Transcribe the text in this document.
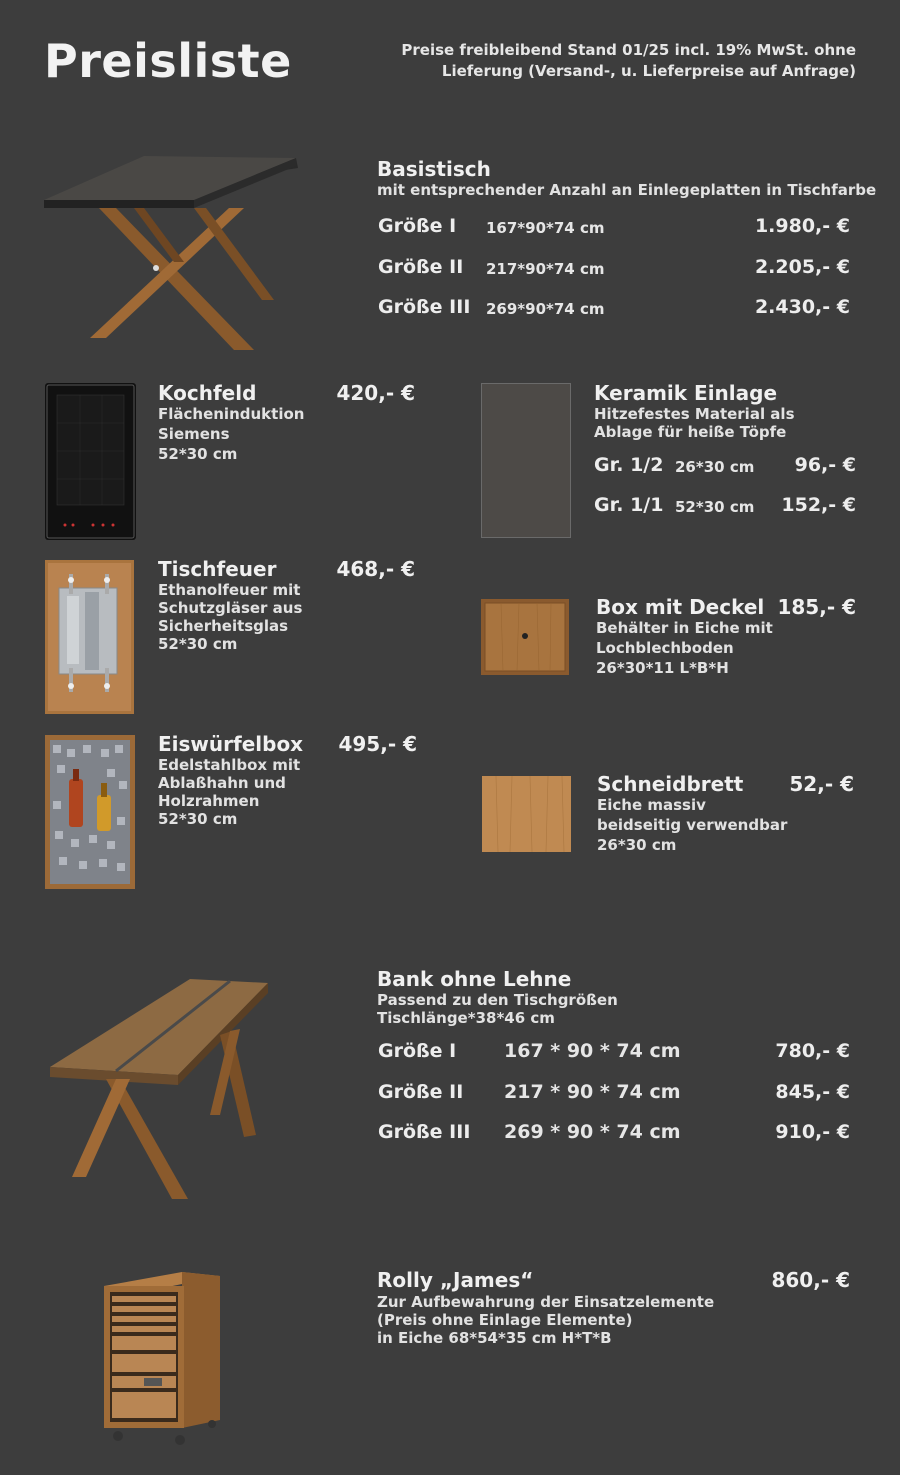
Preisliste	Preise freibleibend Stand 01/25 incl. 19% MwSt. ohne
Lieferung (Versand-, u. Lieferpreise auf Anfrage)
Basistisch
mit entsprechender Anzahl an Einlegeplatten in Tischfarbe
Größe I 167*90*74 cm	1.980,- €
Größe II 217*90*74 cm	2.205,- €
Größe III 269*90*74 cm	2.430,- €
Kochfeld	420,- €
Flächeninduktion
Siemens
52*30 cm
Keramik Einlage
Hitzefestes Material als
Ablage für heiße Töpfe
Gr. 1/2 26*30 cm 96,- €
Gr. 1/1 52*30 cm 152,- €
Tischfeuer	468,- €
Ethanolfeuer mit
Schutzgläser aus
Sicherheitsglas
52*30 cm
Box mit Deckel 185,- €
Behälter in Eiche mit
Lochblechboden
26*30*11 L*B*H
Eiswürfelbox	495,- €
Edelstahlbox mit
Ablaßhahn und
Holzrahmen
52*30 cm
Schneidbrett	52,- €
Eiche massiv
beidseitig verwendbar
26*30 cm
Bank ohne Lehne
Passend zu den Tischgrößen
Tischlänge*38*46 cm
Größe I	167 * 90 * 74 cm	780,- €
Größe II 217 * 90 * 74 cm	845,- €
Größe III 269 * 90 * 74 cm	910,- €
Rolly „James“	860,- €
Zur Aufbewahrung der Einsatzelemente
(Preis ohne Einlage Elemente)
in Eiche 68*54*35 cm H*T*B
